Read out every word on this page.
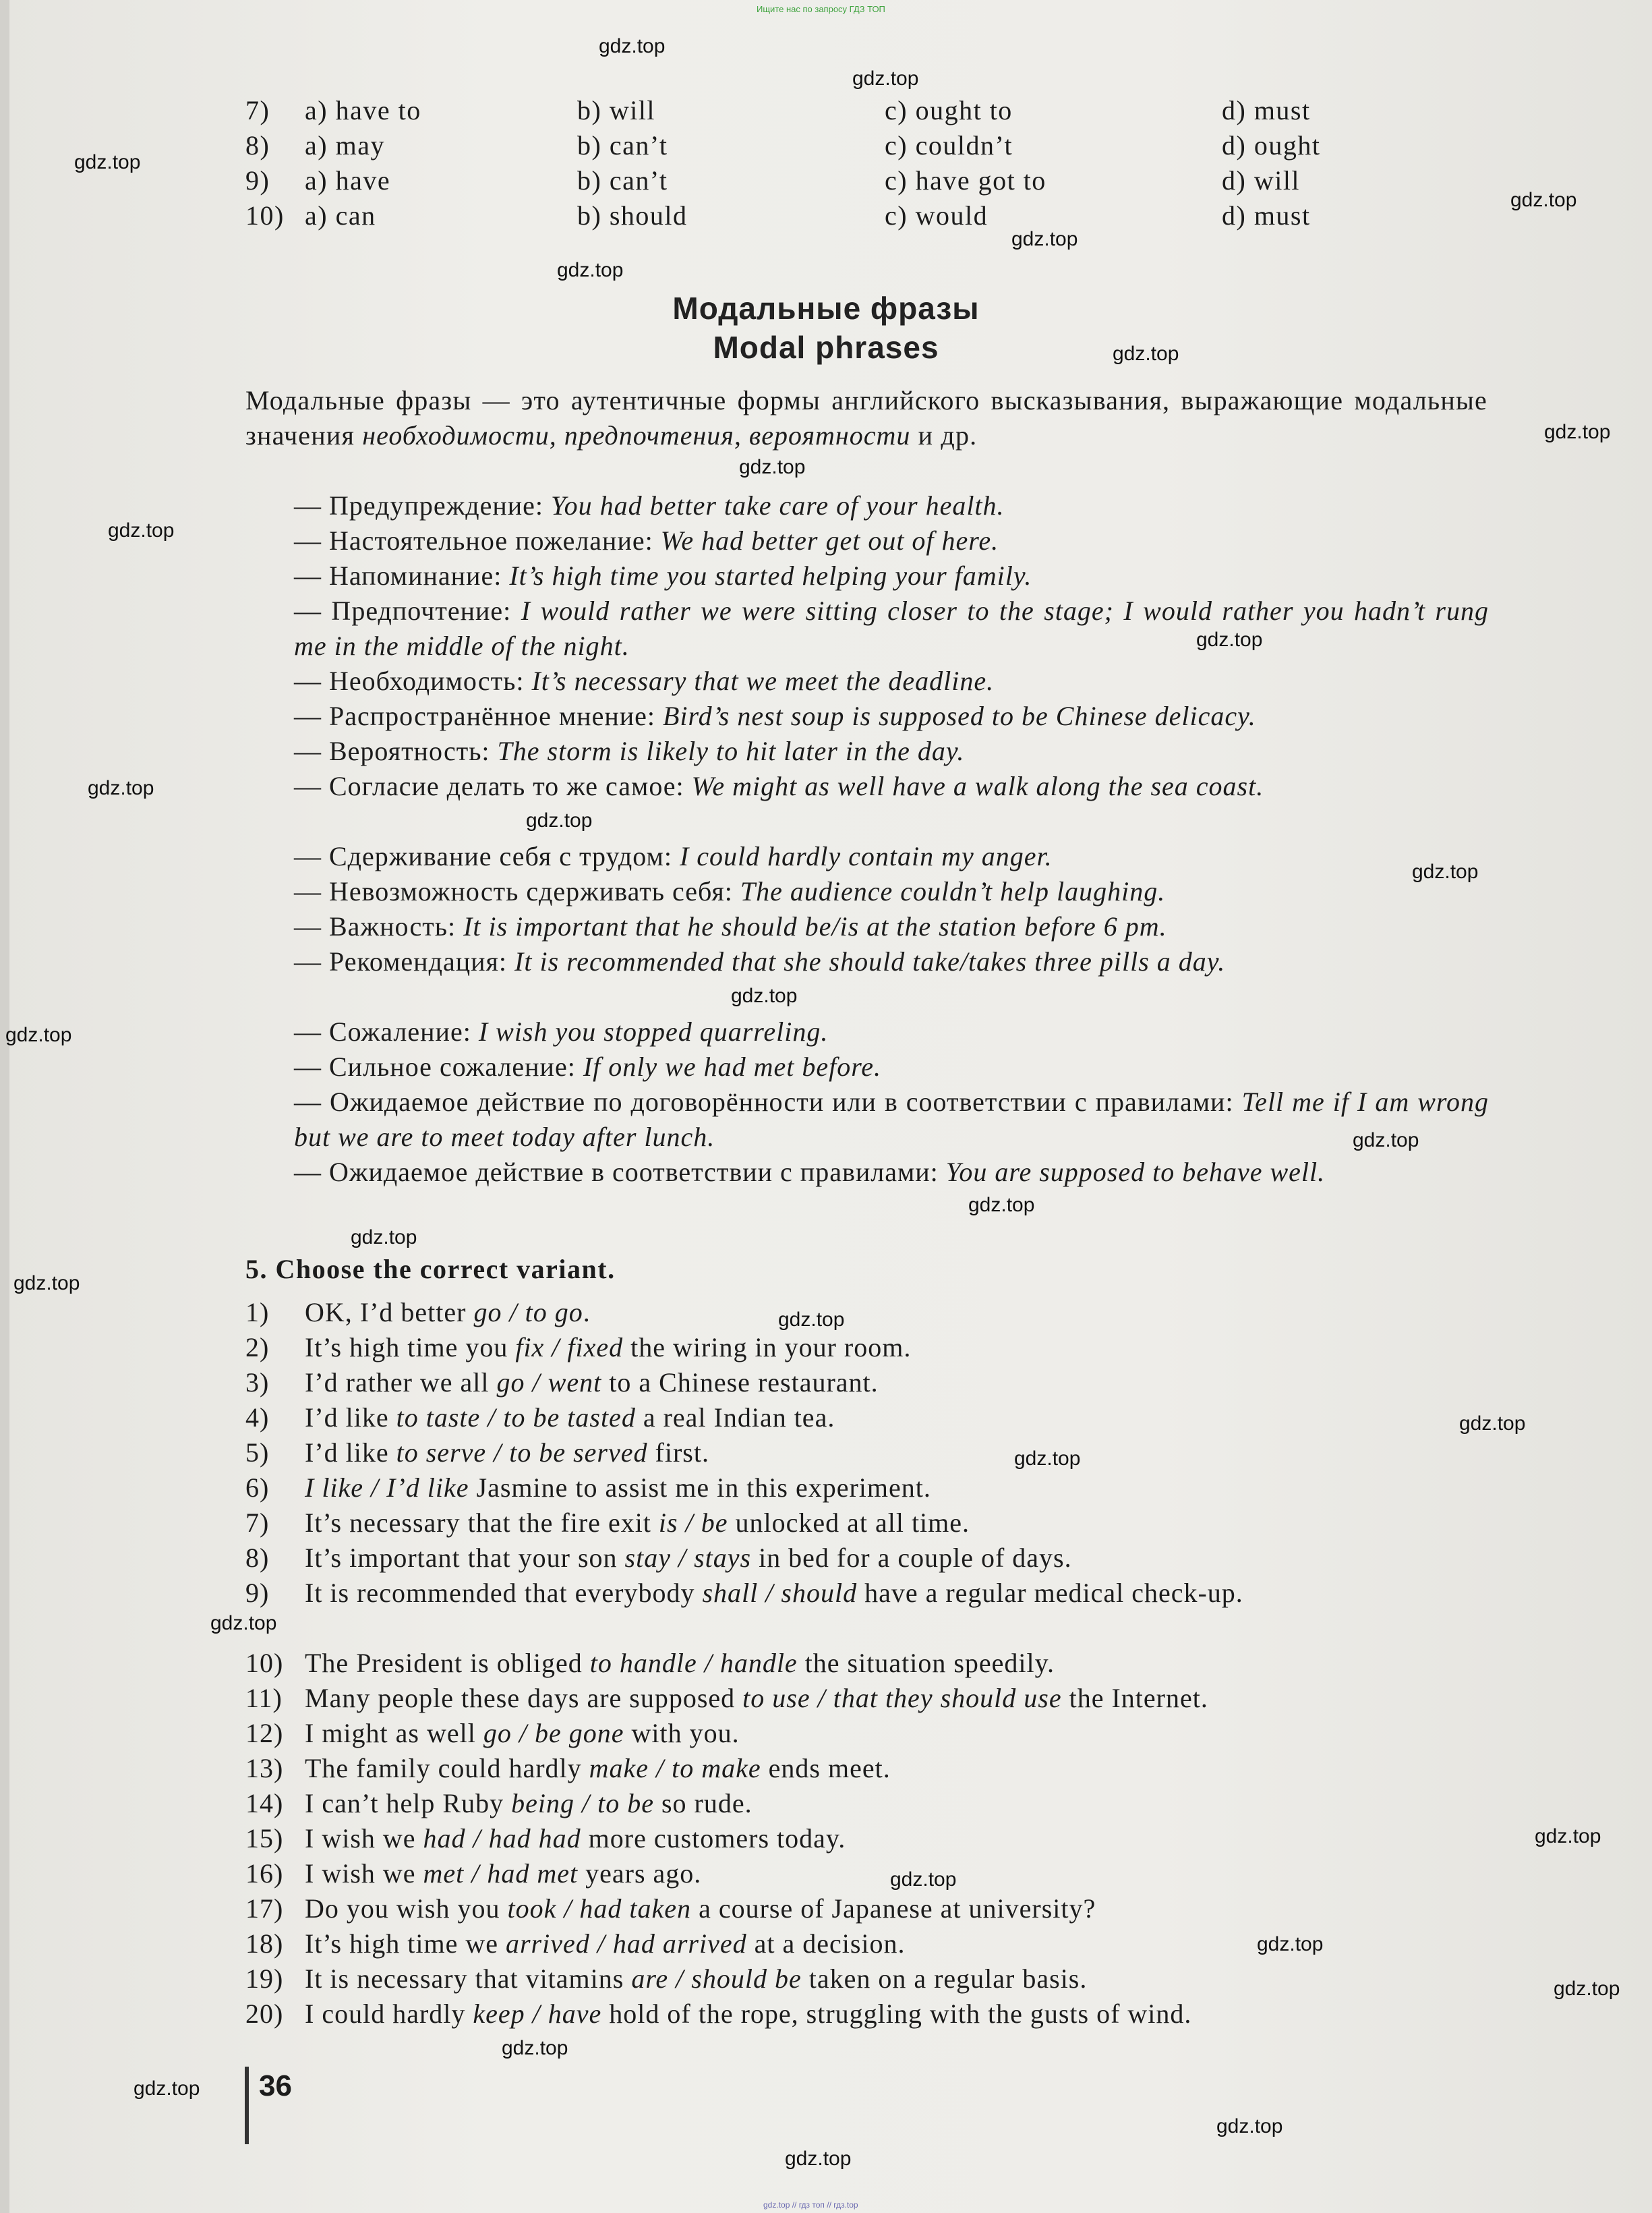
Ищите нас по запросу ГДЗ ТОП
7) a) have to	b) will	c) ought to	d) must
8) a) may	b) can’t	c) couldn’t	d) ought
9) a) have	b) can’t	c) have got to	d) will
10) a) can	b) should	c) would	d) must
Модальные фразы
Modal phrases
Модальные фразы — это аутентичные формы английского высказывания, выражающие модальные значения необходимости, предпочтения, вероятности и др.
— Предупреждение: You had better take care of your health.
— Настоятельное пожелание: We had better get out of here.
— Напоминание: It’s high time you started helping your family.
— Предпочтение: I would rather we were sitting closer to the stage; I would rather you hadn’t rung me in the middle of the night.
— Необходимость: It’s necessary that we meet the deadline.
— Распространённое мнение: Bird’s nest soup is supposed to be Chinese delicacy.
— Вероятность: The storm is likely to hit later in the day.
— Согласие делать то же самое: We might as well have a walk along the sea coast.
— Сдерживание себя с трудом: I could hardly contain my anger.
— Невозможность сдерживать себя: The audience couldn’t help laughing.
— Важность: It is important that he should be/is at the station before 6 pm.
— Рекомендация: It is recommended that she should take/takes three pills a day.
— Сожаление: I wish you stopped quarreling.
— Сильное сожаление: If only we had met before.
— Ожидаемое действие по договорённости или в соответствии с правилами: Tell me if I am wrong but we are to meet today after lunch.
— Ожидаемое действие в соответствии с правилами: You are supposed to behave well.
5. Choose the correct variant.
1) OK, I’d better go / to go.
2) It’s high time you fix / fixed the wiring in your room.
3) I’d rather we all go / went to a Chinese restaurant.
4) I’d like to taste / to be tasted a real Indian tea.
5) I’d like to serve / to be served first.
6) I like / I’d like Jasmine to assist me in this experiment.
7) It’s necessary that the fire exit is / be unlocked at all time.
8) It’s important that your son stay / stays in bed for a couple of days.
9) It is recommended that everybody shall / should have a regular medical check-up.
10) The President is obliged to handle / handle the situation speedily.
11) Many people these days are supposed to use / that they should use the Internet.
12) I might as well go / be gone with you.
13) The family could hardly make / to make ends meet.
14) I can’t help Ruby being / to be so rude.
15) I wish we had / had had more customers today.
16) I wish we met / had met years ago.
17) Do you wish you took / had taken a course of Japanese at university?
18) It’s high time we arrived / had arrived at a decision.
19) It is necessary that vitamins are / should be taken on a regular basis.
20) I could hardly keep / have hold of the rope, struggling with the gusts of wind.
36
gdz.top
gdz.top
gdz.top
gdz.top
gdz.top
gdz.top
gdz.top
gdz.top
gdz.top
gdz.top
gdz.top
gdz.top
gdz.top
gdz.top
gdz.top
gdz.top
gdz.top
gdz.top
gdz.top
gdz.top
gdz.top
gdz.top
gdz.top
gdz.top
gdz.top
gdz.top
gdz.top
gdz.top
gdz.top
gdz.top
gdz.top
gdz.top
gdz.top // гдз топ // гдз.top
